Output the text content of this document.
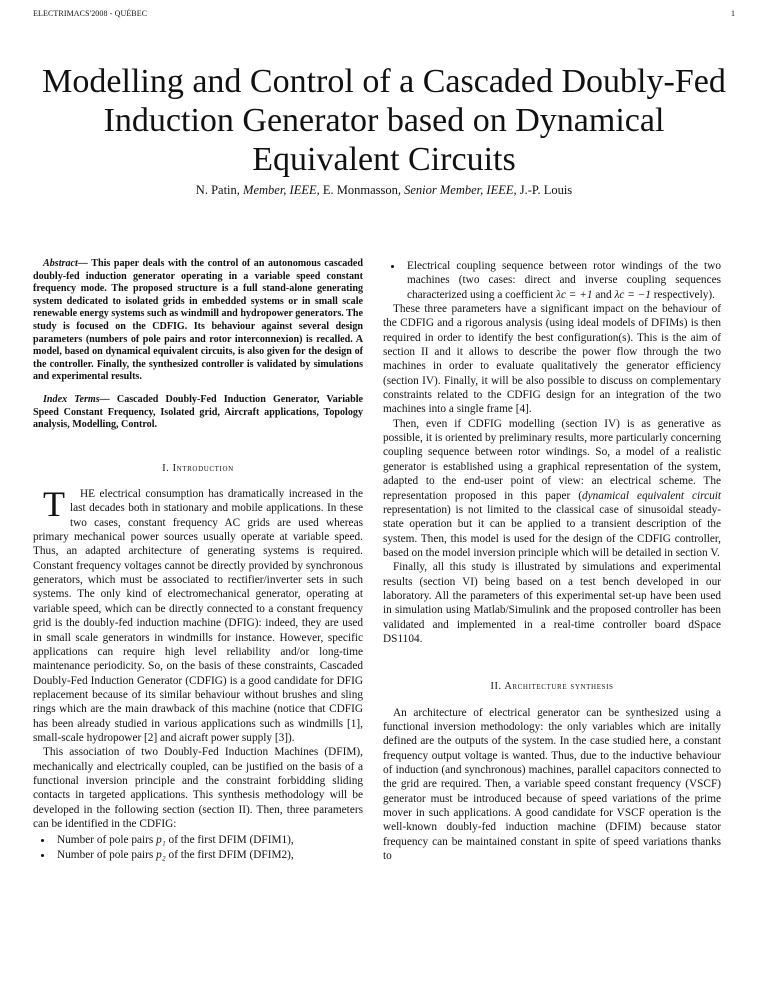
ELECTRIMACS'2008 - QUÉBEC	1
Modelling and Control of a Cascaded Doubly-Fed Induction Generator based on Dynamical Equivalent Circuits
N. Patin, Member, IEEE, E. Monmasson, Senior Member, IEEE, J.-P. Louis

Abstract— This paper deals with the control of an autonomous cascaded doubly-fed induction generator operating in a variable speed constant frequency mode. The proposed structure is a full stand-alone generating system dedicated to isolated grids in embedded systems or in small scale renewable energy systems such as windmill and hydropower generators. The study is focused on the CDFIG. Its behaviour against several design parameters (numbers of pole pairs and rotor interconnexion) is recalled. A model, based on dynamical equivalent circuits, is also given for the design of the controller. Finally, the synthesized controller is validated by simulations and experimental results.

Index Terms— Cascaded Doubly-Fed Induction Generator, Variable Speed Constant Frequency, Isolated grid, Aircraft applications, Topology analysis, Modelling, Control.

I. Introduction

T HE electrical consumption has dramatically increased in the last decades both in stationary and mobile applications. In these two cases, constant frequency AC grids are used whereas primary mechanical power sources usually operate at variable speed. Thus, an adapted architecture of generating systems is required. Constant frequency voltages cannot be directly provided by synchronous generators, which must be associated to rectifier/inverter sets in such systems. The only kind of electromechanical generator, operating at variable speed, which can be directly connected to a constant frequency grid is the doubly-fed induction machine (DFIG): indeed, they are used in small scale generators in windmills for instance. However, specific applications can require high level reliability and/or long-time maintenance periodicity. So, on the basis of these constraints, Cascaded Doubly-Fed Induction Generator (CDFIG) is a good candidate for DFIG replacement because of its similar behaviour without brushes and sling rings which are the main drawback of this machine (notice that CDFIG has been already studied in various applications such as windmills [1], small-scale hydropower [2] and aicraft power supply [3]).

This association of two Doubly-Fed Induction Machines (DFIM), mechanically and electrically coupled, can be justified on the basis of a functional inversion principle and the constraint forbidding sliding contacts in targeted applications. This synthesis methodology will be developed in the following section (section II). Then, three parameters can be identified in the CDFIG:

• Number of pole pairs p₁ of the first DFIM (DFIM1),
• Number of pole pairs p₂ of the first DFIM (DFIM2),
• Electrical coupling sequence between rotor windings of the two machines (two cases: direct and inverse coupling sequences characterized using a coefficient λc = +1 and λc = −1 respectively).

These three parameters have a significant impact on the behaviour of the CDFIG and a rigorous analysis (using ideal models of DFIMs) is then required in order to identify the best configuration(s). This is the aim of section II and it allows to describe the power flow through the two machines in order to evaluate qualitatively the generator efficiency (section IV). Finally, it will be also possible to discuss on complementary constraints related to the CDFIG design for an integration of the two machines into a single frame [4].

Then, even if CDFIG modelling (section IV) is as generative as possible, it is oriented by preliminary results, more particularly concerning coupling sequence between rotor windings. So, a model of a realistic generator is established using a graphical representation of the system, adapted to the end-user point of view: an electrical scheme. The representation proposed in this paper (dynamical equivalent circuit representation) is not limited to the classical case of sinusoidal steady-state operation but it can be applied to a transient description of the system. Then, this model is used for the design of the CDFIG controller, based on the model inversion principle which will be detailed in section V.

Finally, all this study is illustrated by simulations and experimental results (section VI) being based on a test bench developed in our laboratory. All the parameters of this experimental set-up have been used in simulation using Matlab/Simulink and the proposed controller has been validated and implemented in a real-time controller board dSpace DS1104.

II. Architecture synthesis

An architecture of electrical generator can be synthesized using a functional inversion methodology: the only variables which are initally defined are the outputs of the system. In the case studied here, a constant frequency output voltage is wanted. Thus, due to the inductive behaviour of induction (and synchronous) machines, parallel capacitors connected to the grid are required. Then, a variable speed constant frequency (VSCF) generator must be introduced because of speed variations of the prime mover in such applications. A good candidate for VSCF operation is the well-known doubly-fed induction machine (DFIM) because stator frequency can be maintained constant in spite of speed variations thanks to
